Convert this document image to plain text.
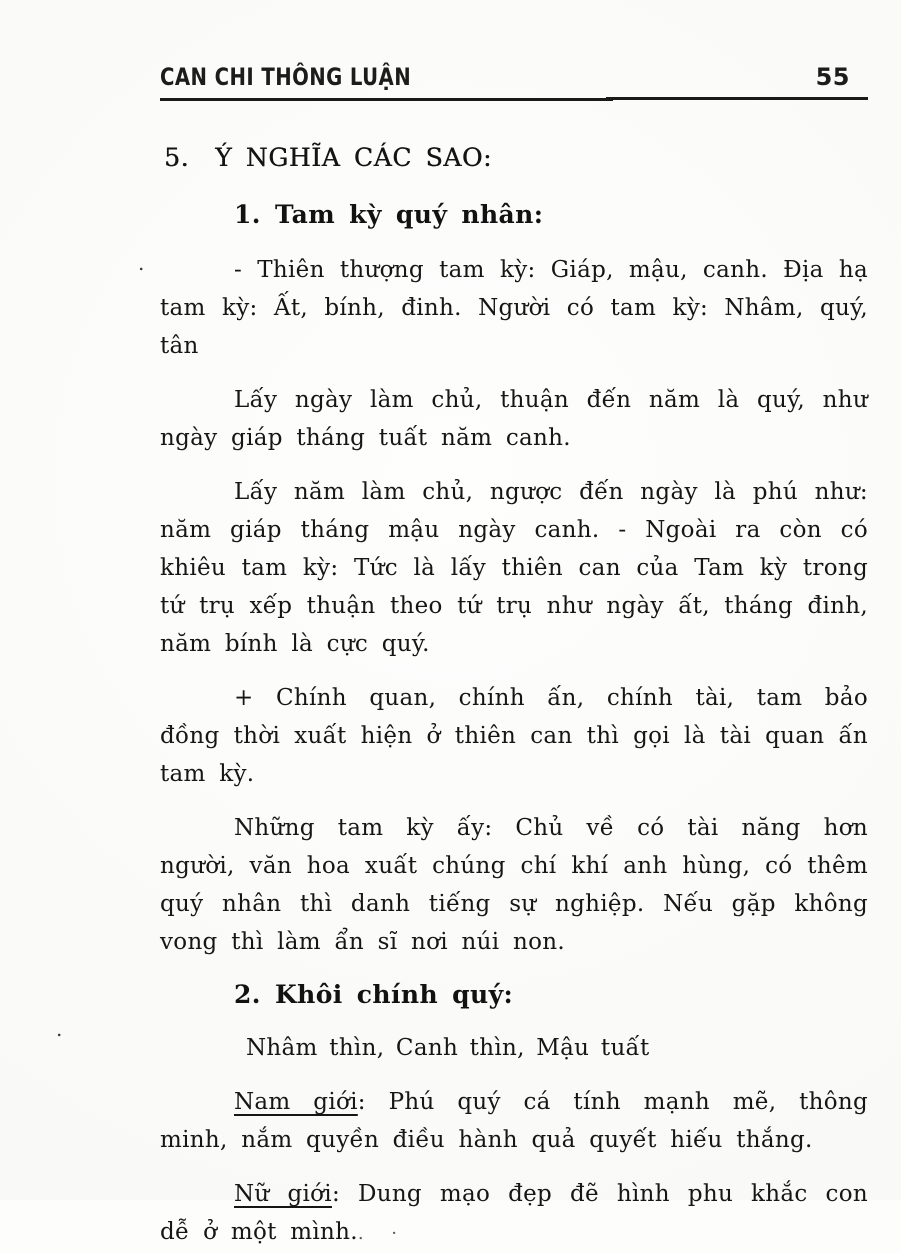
CAN CHI THÔNG LUẬN	55
5. Ý NGHĨA CÁC SAO:
1. Tam kỳ quý nhân:

- Thiên thượng tam kỳ: Giáp, mậu, canh. Địa hạ tam kỳ: Ất, bính, đinh. Người có tam kỳ: Nhâm, quý, tân

Lấy ngày làm chủ, thuận đến năm là quý, như ngày giáp tháng tuất năm canh.

Lấy năm làm chủ, ngược đến ngày là phú như: năm giáp tháng mậu ngày canh. - Ngoài ra còn có khiêu tam kỳ: Tức là lấy thiên can của Tam kỳ trong tứ trụ xếp thuận theo tứ trụ như ngày ất, tháng đinh, năm bính là cực quý.

+ Chính quan, chính ấn, chính tài, tam bảo đồng thời xuất hiện ở thiên can thì gọi là tài quan ấn tam kỳ.

Những tam kỳ ấy: Chủ về có tài năng hơn người, văn hoa xuất chúng chí khí anh hùng, có thêm quý nhân thì danh tiếng sự nghiệp. Nếu gặp không vong thì làm ẩn sĩ nơi núi non.

2. Khôi chính quý:

Nhâm thìn, Canh thìn, Mậu tuất

Nam giới: Phú quý cá tính mạnh mẽ, thông minh, nắm quyền điều hành quả quyết hiếu thắng.

Nữ giới: Dung mạo đẹp đẽ hình phu khắc con dễ ở một mình.. ·

.
.
